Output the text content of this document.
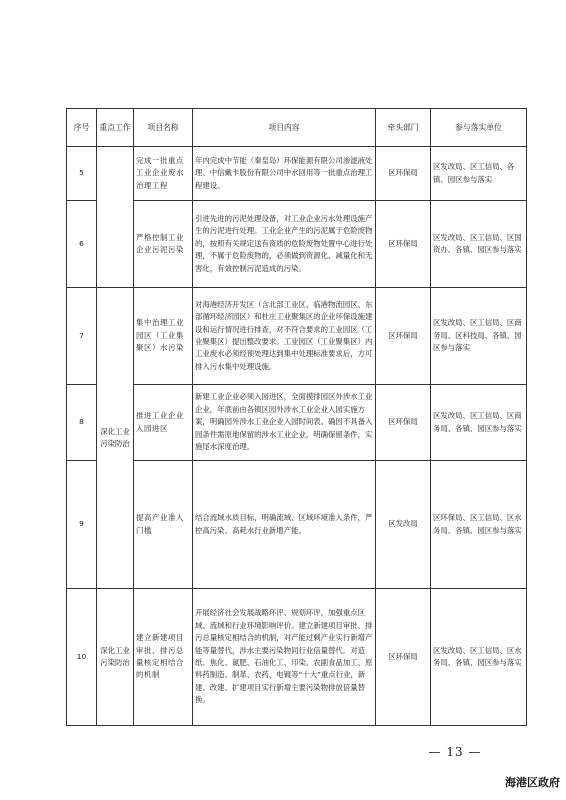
序号	重点工作	项目名称	项目内容	牵头部门	参与落实单位
5		完成一批重点工业企业废水治理工程	年内完成中节能（秦皇岛）环保能源有限公司渗滤液处理、中信戴卡股份有限公司中水回用等一批重点治理工程建设。	区环保局	区发改局、区工信局、各镇、园区参与落实
6		严格控制工业企业污泥污染	引进先进的污泥处理设备，对工业企业污水处理设施产生的污泥进行处理。工业企业产生的污泥属于危险废物的，按照有关规定送有资质的危险废物处置中心进行处理，不属于危险废物的，必须做到资源化、减量化和无害化，有效控制污泥造成的污染。	区环保局	区发改局、区工信局、区国资办、各镇、园区参与落实
7	深化工业污染防治	集中治理工业园区（工业集聚区）水污染	对海港经济开发区（含北部工业区、临港物流园区、东部循环经济园区）和杜庄工业聚集区的企业环保设施建设和运行情况进行排查，对不符合要求的工业园区（工业聚集区）提出整改要求。工业园区（工业聚集区）内工业废水必须经预处理达到集中处理标准要求后，方可排入污水集中处理设施。	区环保局	区发改局、区工信局、区商务局、区科技局、各镇、园区参与落实
8		推进工业企业入园进区	新建工业企业必须入园进区，全面摸排园区外涉水工业企业，年底前由各镇区园外涉水工业企业入园实施方案，明确园外涉水工业企业入园时间表。确因不具备入园条件需原地保留的涉水工业企业，明确保留条件，实施尾水深度治理。	区环保局	区发改局、区工信局、区商务局、各镇、园区参与落实
9		提高产业准入门槛	结合流域水质目标，明确流域、区域环境准入条件，严控高污染、高耗水行业新增产能。	区发改局	区环保局、区工信局、区水务局、各镇、园区参与落实
10	深化工业污染防治	建立新建项目审批、排污总量核定相结合的机制	开展经济社会发展战略环评、规划环评，加强重点区域、流域和行业环境影响评价。建立新建项目审批、排污总量核定相结合的机制，对产能过剩产业实行新增产能等量替代，涉水主要污染物同行业倍量替代。对造纸、焦化、氮肥、石油化工、印染、农副食品加工、原料药制造、制革、农药、电镀等“十大”重点行业，新建、改建、扩建项目实行新增主要污染物排放倍量替换。	区环保局	区发改局、区工信局、区水务局、各镇、园区参与落实
— 13 —
海港区政府
